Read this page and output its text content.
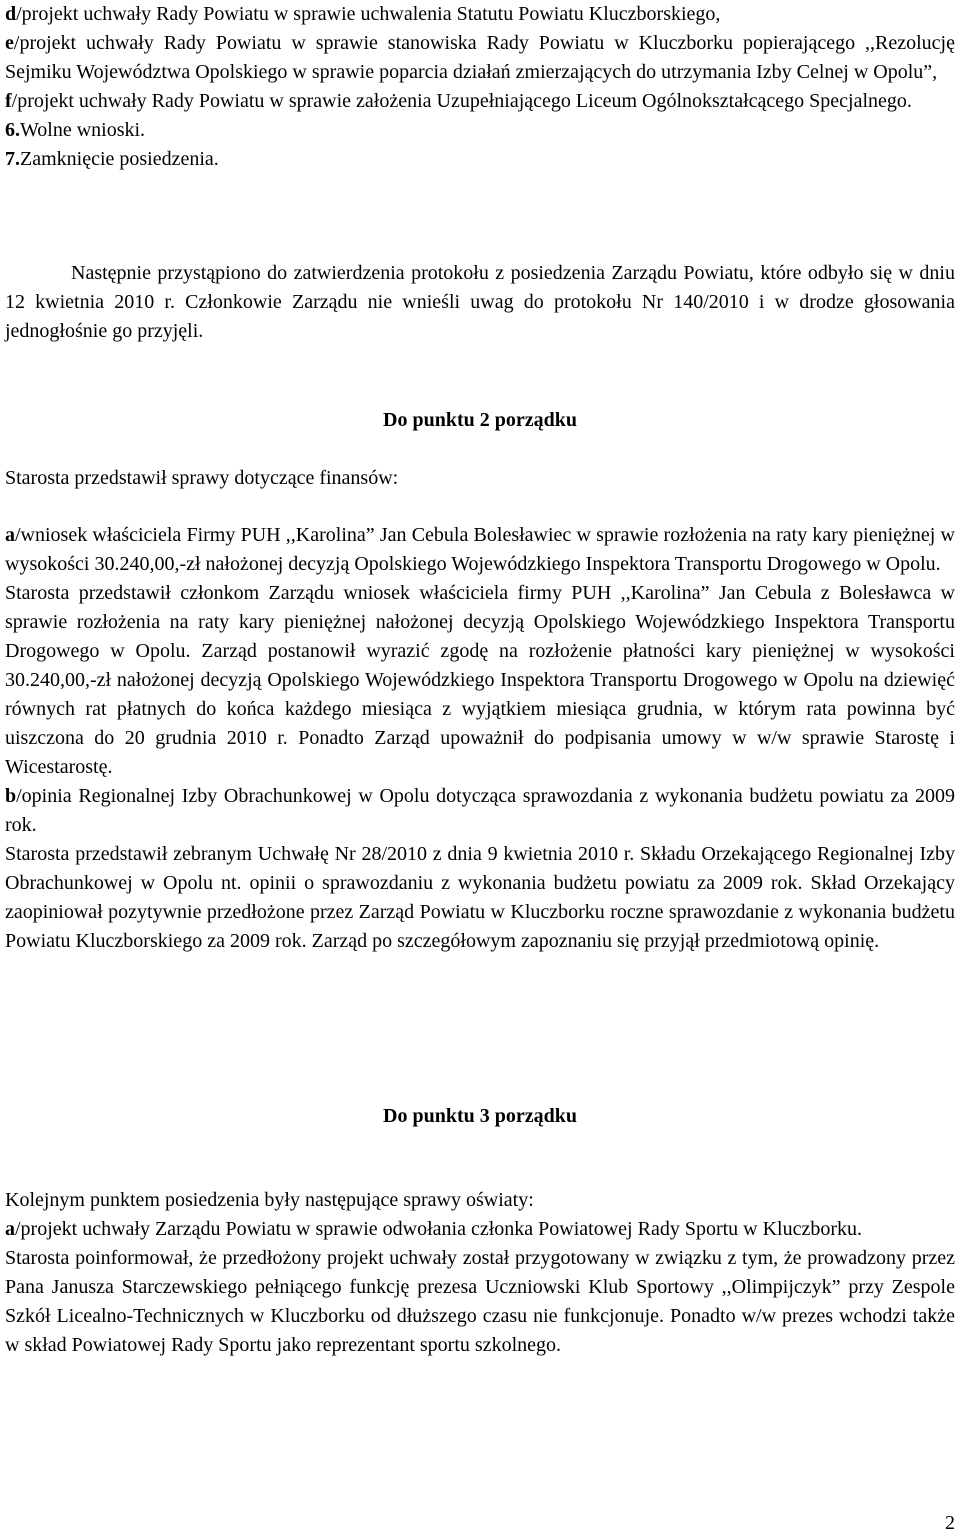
d/projekt uchwały Rady Powiatu w sprawie uchwalenia Statutu Powiatu Kluczborskiego,

e/projekt uchwały Rady Powiatu w sprawie stanowiska Rady Powiatu w Kluczborku popierającego ,,Rezolucję Sejmiku Województwa Opolskiego w sprawie poparcia działań zmierzających do utrzymania Izby Celnej w Opolu”,

f/projekt uchwały Rady Powiatu w sprawie założenia Uzupełniającego Liceum Ogólnokształcącego Specjalnego.

6.Wolne wnioski.

7.Zamknięcie posiedzenia.

Następnie przystąpiono do zatwierdzenia protokołu z posiedzenia Zarządu Powiatu, które odbyło się w dniu 12 kwietnia 2010 r. Członkowie Zarządu nie wnieśli uwag do protokołu Nr 140/2010 i w drodze głosowania jednogłośnie go przyjęli.

Do punktu 2 porządku

Starosta przedstawił sprawy dotyczące finansów:

a/wniosek właściciela Firmy PUH ,,Karolina” Jan Cebula Bolesławiec w sprawie rozłożenia na raty kary pieniężnej w wysokości 30.240,00,-zł nałożonej decyzją Opolskiego Wojewódzkiego Inspektora Transportu Drogowego w Opolu.

Starosta przedstawił członkom Zarządu wniosek właściciela firmy PUH ,,Karolina” Jan Cebula z Bolesławca w sprawie rozłożenia na raty kary pieniężnej nałożonej decyzją Opolskiego Wojewódzkiego Inspektora Transportu Drogowego w Opolu. Zarząd postanowił wyrazić zgodę na rozłożenie płatności kary pieniężnej w wysokości 30.240,00,-zł nałożonej decyzją Opolskiego Wojewódzkiego Inspektora Transportu Drogowego w Opolu na dziewięć równych rat płatnych do końca każdego miesiąca z wyjątkiem miesiąca grudnia, w którym rata powinna być uiszczona do 20 grudnia 2010 r. Ponadto Zarząd upoważnił do podpisania umowy w w/w sprawie Starostę i Wicestarostę.

b/opinia Regionalnej Izby Obrachunkowej w Opolu dotycząca sprawozdania z wykonania budżetu powiatu za 2009 rok.

Starosta przedstawił zebranym Uchwałę Nr 28/2010 z dnia 9 kwietnia 2010 r. Składu Orzekającego Regionalnej Izby Obrachunkowej w Opolu nt. opinii o sprawozdaniu z wykonania budżetu powiatu za 2009 rok. Skład Orzekający zaopiniował pozytywnie przedłożone przez Zarząd Powiatu w Kluczborku roczne sprawozdanie z wykonania budżetu Powiatu Kluczborskiego za 2009 rok. Zarząd po szczegółowym zapoznaniu się przyjął przedmiotową opinię.

Do punktu 3 porządku

Kolejnym punktem posiedzenia były następujące sprawy oświaty:

a/projekt uchwały Zarządu Powiatu w sprawie odwołania członka Powiatowej Rady Sportu w Kluczborku.

Starosta poinformował, że przedłożony projekt uchwały został przygotowany w związku z tym, że prowadzony przez Pana Janusza Starczewskiego pełniącego funkcję prezesa Uczniowski Klub Sportowy ,,Olimpijczyk” przy Zespole Szkół Licealno-Technicznych w Kluczborku od dłuższego czasu nie funkcjonuje. Ponadto w/w prezes wchodzi także w skład Powiatowej Rady Sportu jako reprezentant sportu szkolnego.

2
